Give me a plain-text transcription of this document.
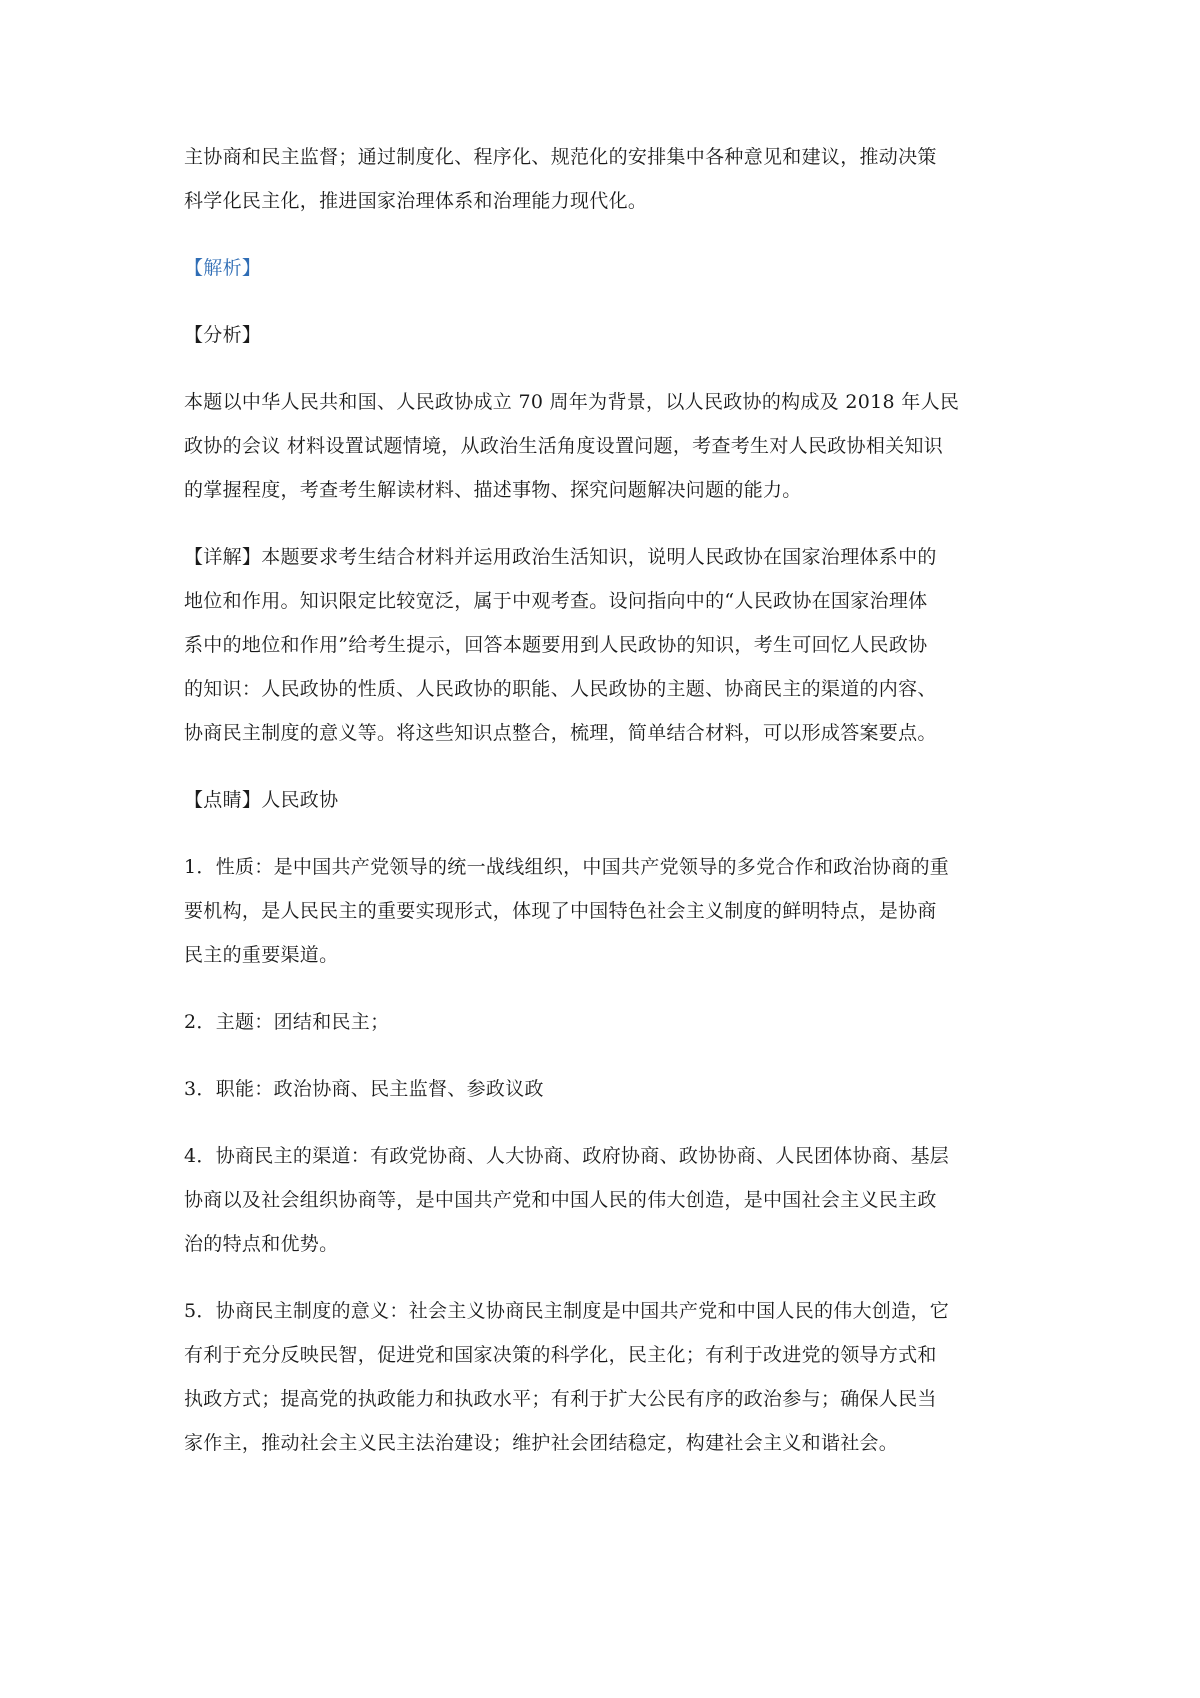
主协商和民主监督；通过制度化、程序化、规范化的安排集中各种意见和建议，推动决策
科学化民主化，推进国家治理体系和治理能力现代化。
【解析】
【分析】
本题以中华人民共和国、人民政协成立 70 周年为背景，以人民政协的构成及 2018 年人民
政协的会议 材料设置试题情境，从政治生活角度设置问题，考查考生对人民政协相关知识
的掌握程度，考查考生解读材料、描述事物、探究问题解决问题的能力。
【详解】本题要求考生结合材料并运用政治生活知识，说明人民政协在国家治理体系中的
地位和作用。知识限定比较宽泛，属于中观考查。设问指向中的“人民政协在国家治理体
系中的地位和作用”给考生提示，回答本题要用到人民政协的知识，考生可回忆人民政协
的知识：人民政协的性质、人民政协的职能、人民政协的主题、协商民主的渠道的内容、
协商民主制度的意义等。将这些知识点整合，梳理，简单结合材料，可以形成答案要点。
【点睛】人民政协
1．性质：是中国共产党领导的统一战线组织，中国共产党领导的多党合作和政治协商的重
要机构，是人民民主的重要实现形式，体现了中国特色社会主义制度的鲜明特点，是协商
民主的重要渠道。
2．主题：团结和民主；
3．职能：政治协商、民主监督、参政议政
4．协商民主的渠道：有政党协商、人大协商、政府协商、政协协商、人民团体协商、基层
协商以及社会组织协商等，是中国共产党和中国人民的伟大创造，是中国社会主义民主政
治的特点和优势。
5．协商民主制度的意义：社会主义协商民主制度是中国共产党和中国人民的伟大创造，它
有利于充分反映民智，促进党和国家决策的科学化，民主化；有利于改进党的领导方式和
执政方式；提高党的执政能力和执政水平；有利于扩大公民有序的政治参与；确保人民当
家作主，推动社会主义民主法治建设；维护社会团结稳定，构建社会主义和谐社会。
